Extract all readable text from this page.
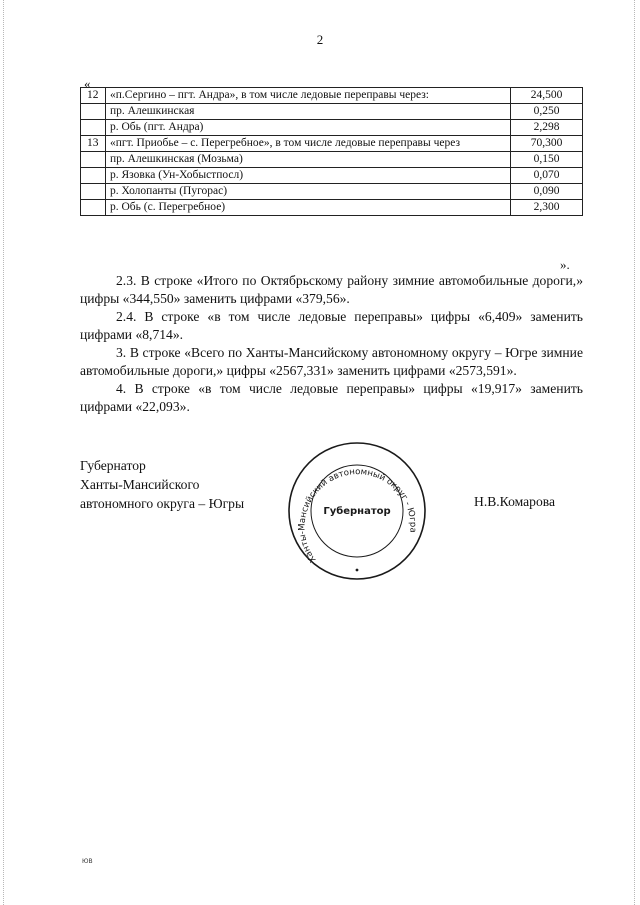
2
«
12	«п.Сергино – пгт. Андра», в том числе ледовые переправы через:	24,500
	пр. Алешкинская	0,250
	р. Обь (пгт. Андра)	2,298
13	«пгт. Приобье – с. Перегребное», в том числе ледовые переправы через	70,300
	пр. Алешкинская (Мозьма)	0,150
	р. Язовка (Ун-Хобыстпосл)	0,070
	р. Холопанты (Пугорас)	0,090
	р. Обь (с. Перегребное)	2,300
».

2.3. В строке «Итого по Октябрьскому району зимние автомобильные дороги,» цифры «344,550» заменить цифрами «379,56».

2.4. В строке «в том числе ледовые переправы» цифры «6,409» заменить цифрами «8,714».

3. В строке «Всего по Ханты-Мансийскому автономному округу – Югре зимние автомобильные дороги,» цифры «2567,331» заменить цифрами «2573,591».

4. В строке «в том числе ледовые переправы» цифры «19,917» заменить цифрами «22,093».

Губернатор
Ханты-Мансийского
автономного округа – Югры
Ханты-Мансийский автономный округ - Югра
Губернатор
Н.В.Комарова
ЮВ
